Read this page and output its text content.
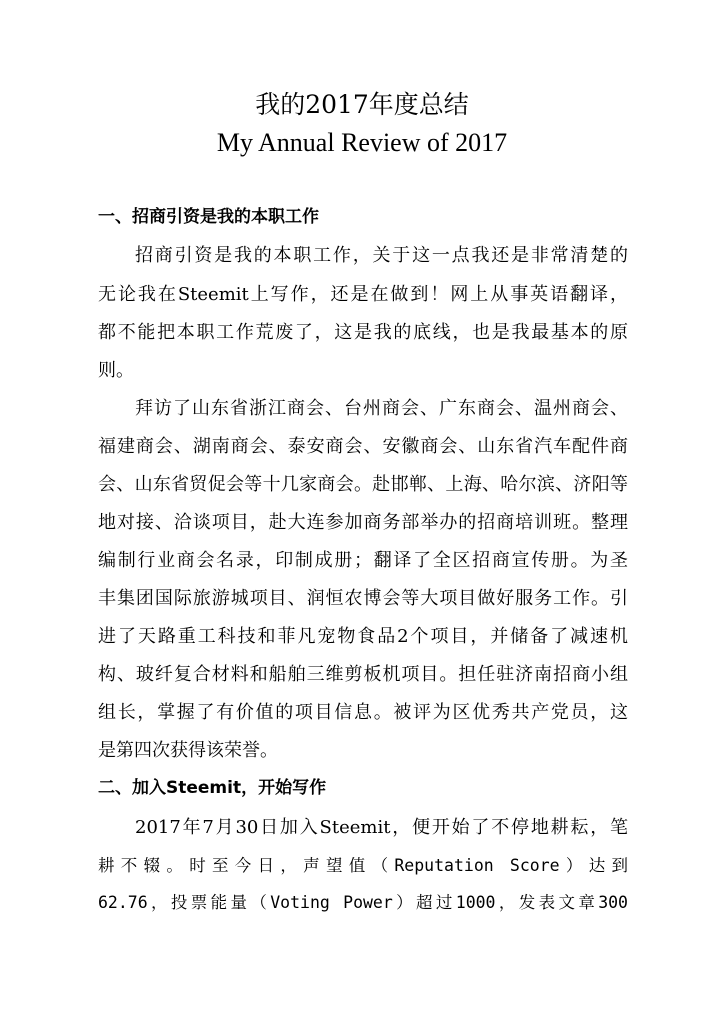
我的2017年度总结
My Annual Review of 2017
一、招商引资是我的本职工作
招商引资是我的本职工作，关于这一点我还是非常清楚的
无论我在Steemit上写作，还是在做到！网上从事英语翻译，
都不能把本职工作荒废了，这是我的底线，也是我最基本的原
则。
拜访了山东省浙江商会、台州商会、广东商会、温州商会、
福建商会、湖南商会、泰安商会、安徽商会、山东省汽车配件商
会、山东省贸促会等十几家商会。赴邯郸、上海、哈尔滨、济阳等
地对接、洽谈项目，赴大连参加商务部举办的招商培训班。整理
编制行业商会名录，印制成册；翻译了全区招商宣传册。为圣
丰集团国际旅游城项目、润恒农博会等大项目做好服务工作。引
进了天路重工科技和菲凡宠物食品2个项目，并储备了减速机
构、玻纤复合材料和船舶三维剪板机项目。担任驻济南招商小组
组长，掌握了有价值的项目信息。被评为区优秀共产党员，这
是第四次获得该荣誉。
二、加入Steemit，开始写作
2017年7月30日加入Steemit，便开始了不停地耕耘，笔
耕不辍。时至今日，声望值（Reputation Score）达到
62.76，投票能量（Voting Power）超过1000，发表文章300
